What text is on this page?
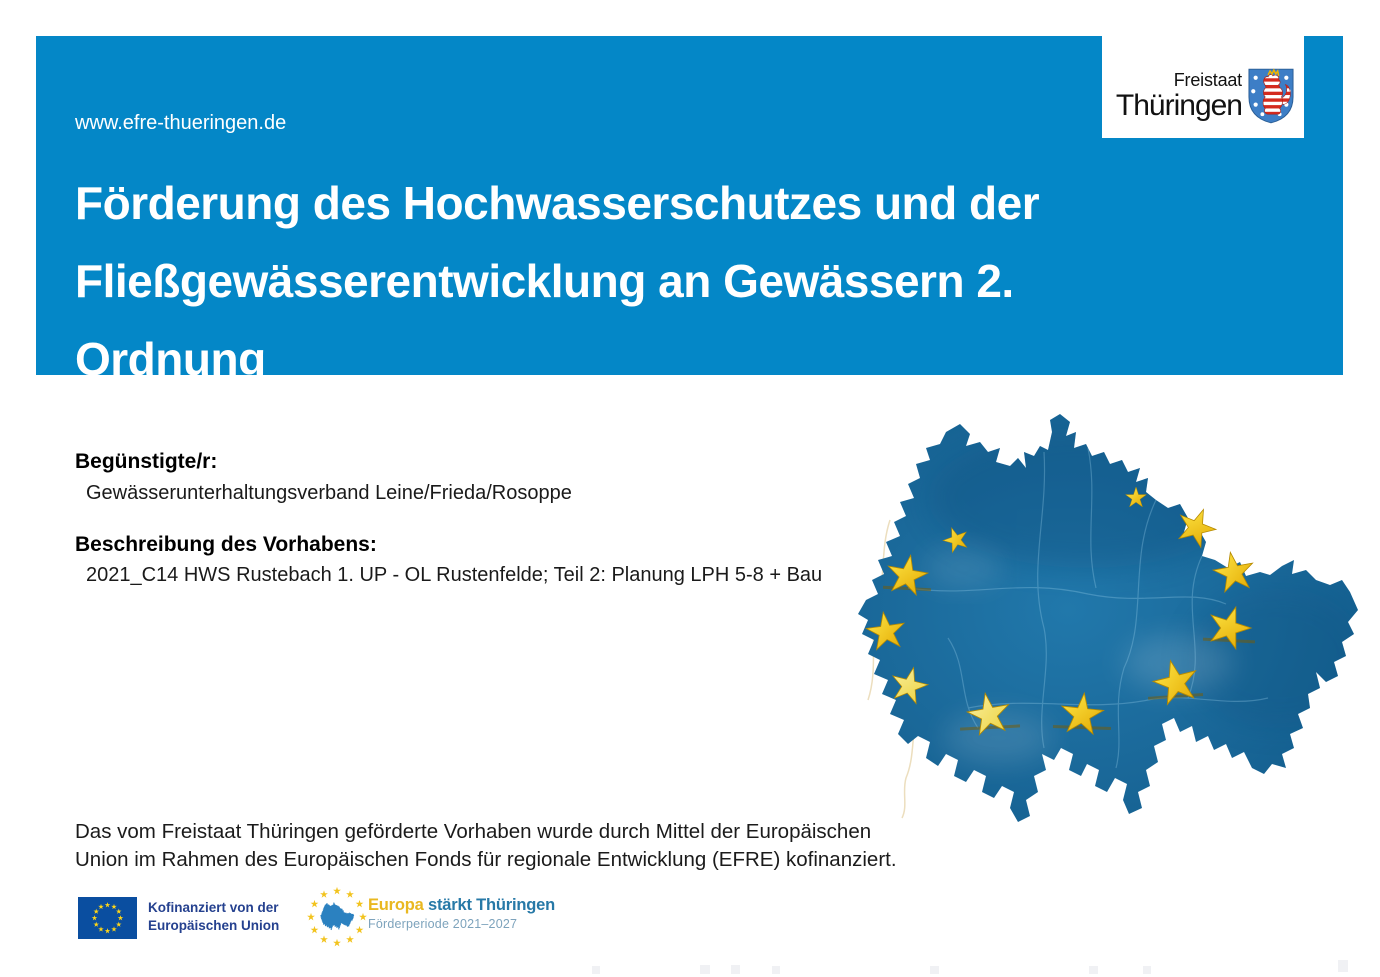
www.efre-thueringen.de
Förderung des Hochwasserschutzes und der
Fließgewässerentwicklung an Gewässern 2.
Ordnung
Freistaat
Thüringen
Begünstigte/r:
Gewässerunterhaltungsverband Leine/Frieda/Rosoppe
Beschreibung des Vorhabens:
2021_C14 HWS Rustebach 1. UP - OL Rustenfelde; Teil 2: Planung LPH 5-8 + Bau
Das vom Freistaat Thüringen geförderte Vorhaben wurde durch Mittel der Europäischen
Union im Rahmen des Europäischen Fonds für regionale Entwicklung (EFRE) kofinanziert.
Kofinanziert von der
Europäischen Union
Europa stärkt Thüringen
Förderperiode 2021–2027
